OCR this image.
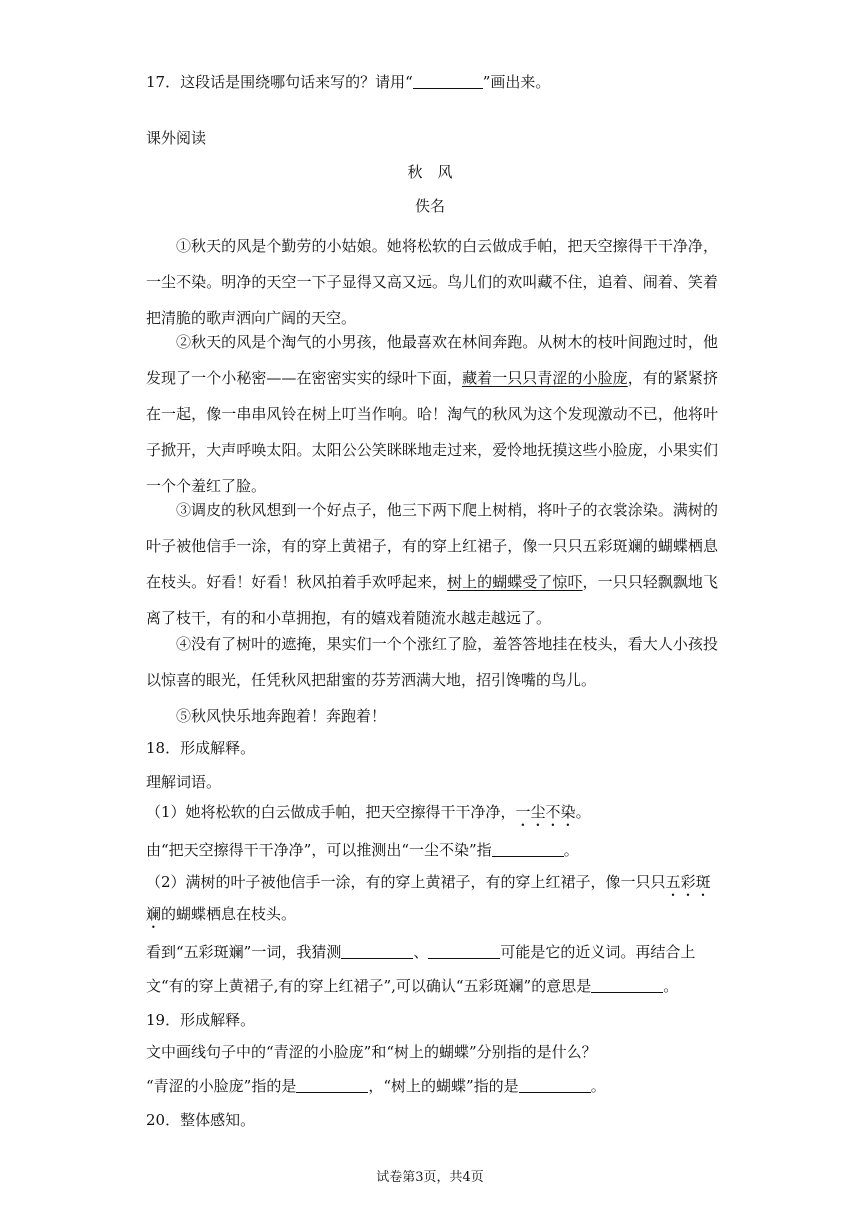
17．这段话是围绕哪句话来写的？请用“	”画出来。
课外阅读
秋　风
佚名
①秋天的风是个勤劳的小姑娘。她将松软的白云做成手帕，把天空擦得干干净净，一尘不染。明净的天空一下子显得又高又远。鸟儿们的欢叫藏不住，追着、闹着、笑着把清脆的歌声洒向广阔的天空。
②秋天的风是个淘气的小男孩，他最喜欢在林间奔跑。从树木的枝叶间跑过时，他发现了一个小秘密——在密密实实的绿叶下面，藏着一只只青涩的小脸庞，有的紧紧挤在一起，像一串串风铃在树上叮当作响。哈！淘气的秋风为这个发现激动不已，他将叶子掀开，大声呼唤太阳。太阳公公笑眯眯地走过来，爱怜地抚摸这些小脸庞，小果实们一个个羞红了脸。
③调皮的秋风想到一个好点子，他三下两下爬上树梢，将叶子的衣裳涂染。满树的叶子被他信手一涂，有的穿上黄裙子，有的穿上红裙子，像一只只五彩斑斓的蝴蝶栖息在枝头。好看！好看！秋风拍着手欢呼起来，树上的蝴蝶受了惊吓，一只只轻飘飘地飞离了枝干，有的和小草拥抱，有的嬉戏着随流水越走越远了。
④没有了树叶的遮掩，果实们一个个涨红了脸，羞答答地挂在枝头，看大人小孩投以惊喜的眼光，任凭秋风把甜蜜的芬芳洒满大地，招引馋嘴的鸟儿。
⑤秋风快乐地奔跑着！奔跑着！
18．形成解释。
理解词语。
（1）她将松软的白云做成手帕，把天空擦得干干净净，一尘不染。
由“把天空擦得干干净净”，可以推测出“一尘不染”指	。
（2）满树的叶子被他信手一涂，有的穿上黄裙子，有的穿上红裙子，像一只只五彩斑
斓的蝴蝶栖息在枝头。
看到“五彩斑斓”一词，我猜测	、	可能是它的近义词。再结合上
文“有的穿上黄裙子,有的穿上红裙子”,可以确认“五彩斑斓”的意思是	。
19．形成解释。
文中画线句子中的“青涩的小脸庞”和“树上的蝴蝶”分别指的是什么？
“青涩的小脸庞”指的是	，“树上的蝴蝶”指的是	。
20．整体感知。
试卷第3页，共4页
